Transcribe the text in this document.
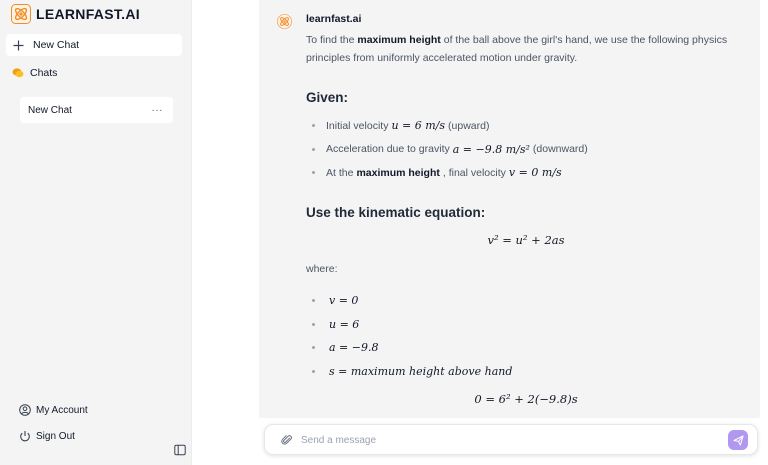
LEARNFAST.AI
New Chat
Chats
New Chat	···
My Account
Sign Out
learnfast.ai

To find the maximum height of the ball above the girl's hand, we use the following physics principles from uniformly accelerated motion under gravity.

Given:
Initial velocity u = 6 m/s (upward)
Acceleration due to gravity a = −9.8 m/s² (downward)
At the maximum height , final velocity v = 0 m/s
Use the kinematic equation:
v² = u² + 2as
where:
v = 0
u = 6
a = −9.8
s = maximum height above hand
0 = 6² + 2(−9.8)s
Send a message
